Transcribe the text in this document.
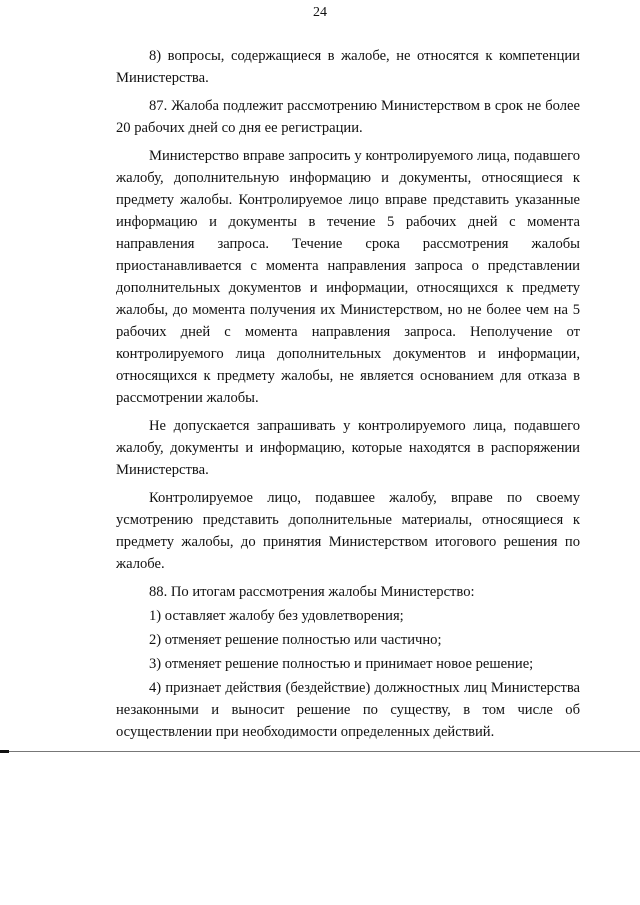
24

8) вопросы, содержащиеся в жалобе, не относятся к компетенции Министерства.

87. Жалоба подлежит рассмотрению Министерством в срок не более 20 рабочих дней со дня ее регистрации.

Министерство вправе запросить у контролируемого лица, подавшего жалобу, дополнительную информацию и документы, относящиеся к предмету жалобы. Контролируемое лицо вправе представить указанные информацию и документы в течение 5 рабочих дней с момента направления запроса. Течение срока рассмотрения жалобы приостанавливается с момента направления запроса о представлении дополнительных документов и информации, относящихся к предмету жалобы, до момента получения их Министерством, но не более чем на 5 рабочих дней с момента направления запроса. Неполучение от контролируемого лица дополнительных документов и информации, относящихся к предмету жалобы, не является основанием для отказа в рассмотрении жалобы.

Не допускается запрашивать у контролируемого лица, подавшего жалобу, документы и информацию, которые находятся в распоряжении Министерства.

Контролируемое лицо, подавшее жалобу, вправе по своему усмотрению представить дополнительные материалы, относящиеся к предмету жалобы, до принятия Министерством итогового решения по жалобе.

88. По итогам рассмотрения жалобы Министерство:

1) оставляет жалобу без удовлетворения;

2) отменяет решение полностью или частично;

3) отменяет решение полностью и принимает новое решение;

4) признает действия (бездействие) должностных лиц Министерства незаконными и выносит решение по существу, в том числе об осуществлении при необходимости определенных действий.
